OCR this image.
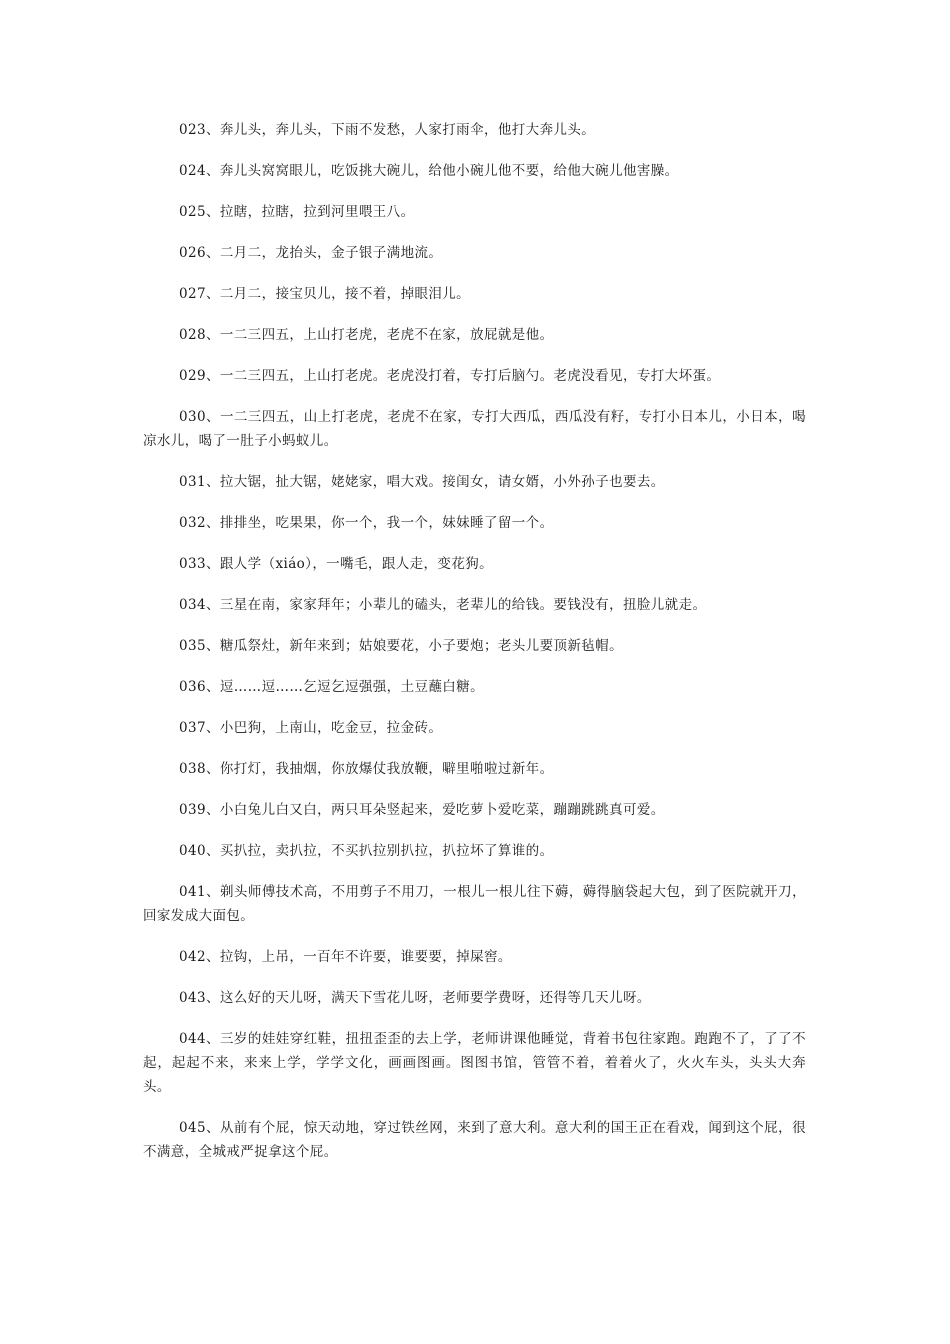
023、奔儿头，奔儿头，下雨不发愁，人家打雨伞，他打大奔儿头。

024、奔儿头窝窝眼儿，吃饭挑大碗儿，给他小碗儿他不要，给他大碗儿他害臊。

025、拉瞎，拉瞎，拉到河里喂王八。

026、二月二，龙抬头，金子银子满地流。

027、二月二，接宝贝儿，接不着，掉眼泪儿。

028、一二三四五，上山打老虎，老虎不在家，放屁就是他。

029、一二三四五，上山打老虎。老虎没打着，专打后脑勺。老虎没看见，专打大坏蛋。

030、一二三四五，山上打老虎，老虎不在家，专打大西瓜，西瓜没有籽，专打小日本儿，小日本，喝凉水儿，喝了一肚子小蚂蚁儿。

031、拉大锯，扯大锯，姥姥家，唱大戏。接闺女，请女婿，小外孙子也要去。

032、排排坐，吃果果，你一个，我一个，妹妹睡了留一个。

033、跟人学（xiáo），一嘴毛，跟人走，变花狗。

034、三星在南，家家拜年；小辈儿的磕头，老辈儿的给钱。要钱没有，扭脸儿就走。

035、糖瓜祭灶，新年来到；姑娘要花，小子要炮；老头儿要顶新毡帽。

036、逗……逗……乞逗乞逗强强，土豆蘸白糖。

037、小巴狗，上南山，吃金豆，拉金砖。

038、你打灯，我抽烟，你放爆仗我放鞭，噼里啪啦过新年。

039、小白兔儿白又白，两只耳朵竖起来，爱吃萝卜爱吃菜，蹦蹦跳跳真可爱。

040、买扒拉，卖扒拉，不买扒拉别扒拉，扒拉坏了算谁的。

041、剃头师傅技术高，不用剪子不用刀，一根儿一根儿往下薅，薅得脑袋起大包，到了医院就开刀，回家发成大面包。

042、拉钩，上吊，一百年不许要，谁要要，掉屎窖。

043、这么好的天儿呀，满天下雪花儿呀，老师要学费呀，还得等几天儿呀。

044、三岁的娃娃穿红鞋，扭扭歪歪的去上学，老师讲课他睡觉，背着书包往家跑。跑跑不了，了了不起，起起不来，来来上学，学学文化，画画图画。图图书馆，管管不着，着着火了，火火车头，头头大奔头。

045、从前有个屁，惊天动地，穿过铁丝网，来到了意大利。意大利的国王正在看戏，闻到这个屁，很不满意，全城戒严捉拿这个屁。
